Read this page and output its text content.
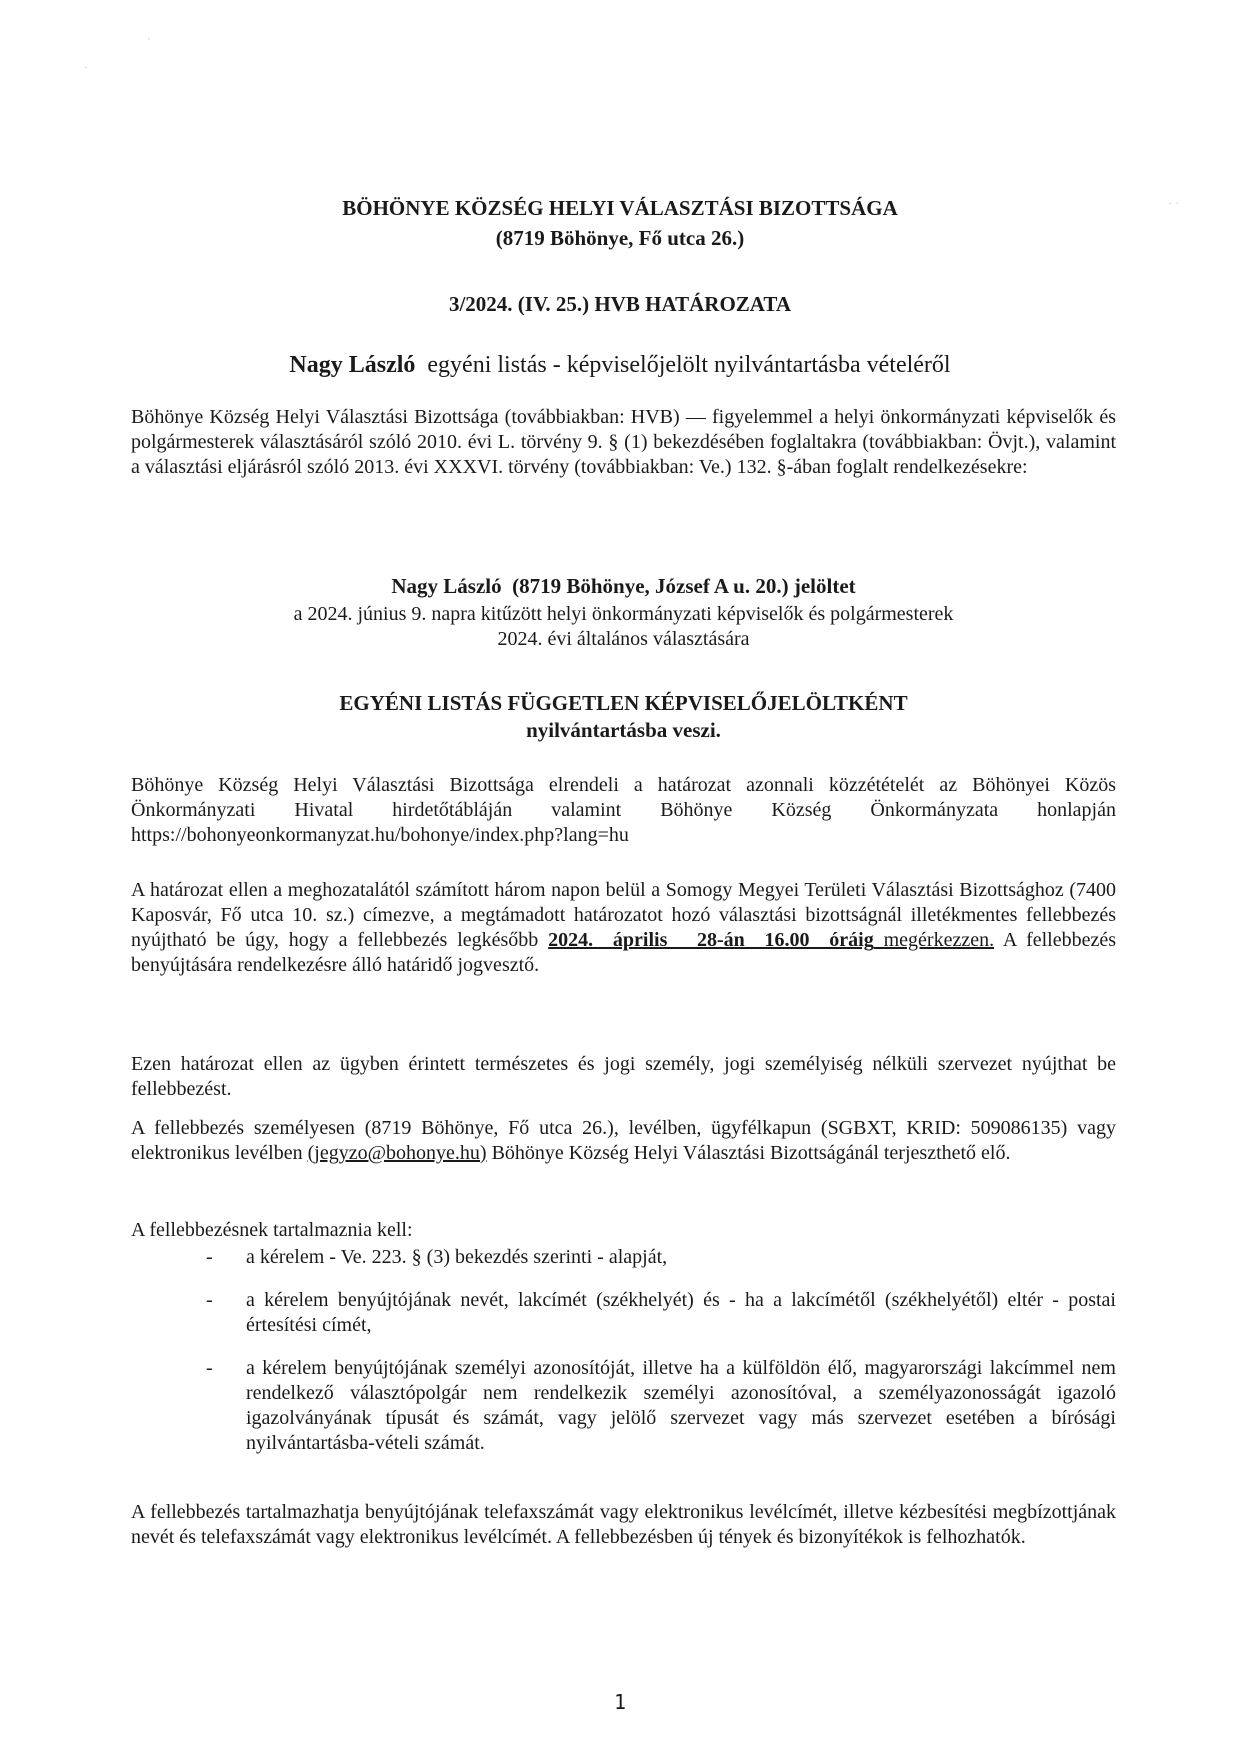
BÖHÖNYE KÖZSÉG HELYI VÁLASZTÁSI BIZOTTSÁGA
(8719 Böhönye, Fő utca 26.)
3/2024. (IV. 25.) HVB HATÁROZATA
Nagy László  egyéni listás - képviselőjelölt nyilvántartásba vételéről
Böhönye Község Helyi Választási Bizottsága (továbbiakban: HVB) — figyelemmel a helyi önkormányzati képviselők és polgármesterek választásáról szóló 2010. évi L. törvény 9. § (1) bekezdésében foglaltakra (továbbiakban: Övjt.), valamint a választási eljárásról szóló 2013. évi XXXVI. törvény (továbbiakban: Ve.) 132. §-ában foglalt rendelkezésekre:
Nagy László  (8719 Böhönye, József A u. 20.) jelöltet
a 2024. június 9. napra kitűzött helyi önkormányzati képviselők és polgármesterek 2024. évi általános választására
EGYÉNI LISTÁS FÜGGETLEN KÉPVISELŐJELÖLTKÉNT
nyilvántartásba veszi.
Böhönye Község Helyi Választási Bizottsága elrendeli a határozat azonnali közzétételét az Böhönyei Közös Önkormányzati Hivatal hirdetőtábláján valamint Böhönye Község Önkormányzata honlapján https://bohonyeonkormanyzat.hu/bohonye/index.php?lang=hu
A határozat ellen a meghozatalától számított három napon belül a Somogy Megyei Területi Választási Bizottsághoz (7400 Kaposvár, Fő utca 10. sz.) címezve, a megtámadott határozatot hozó választási bizottságnál illetékmentes fellebbezés nyújtható be úgy, hogy a fellebbezés legkésőbb 2024.  április   28-án  16.00  óráig megérkezzen. A fellebbezés benyújtására rendelkezésre álló határidő jogvesztő.
Ezen határozat ellen az ügyben érintett természetes és jogi személy, jogi személyiség nélküli szervezet nyújthat be fellebbezést.
A fellebbezés személyesen (8719 Böhönye, Fő utca 26.), levélben, ügyfélkapun (SGBXT, KRID: 509086135) vagy elektronikus levélben (jegyzo@bohonye.hu) Böhönye Község Helyi Választási Bizottságánál terjeszthető elő.
A fellebbezésnek tartalmaznia kell:
- a kérelem - Ve. 223. § (3) bekezdés szerinti - alapját,
- a kérelem benyújtójának nevét, lakcímét (székhelyét) és - ha a lakcímétől (székhelyétől) eltér - postai értesítési címét,
- a kérelem benyújtójának személyi azonosítóját, illetve ha a külföldön élő, magyarországi lakcímmel nem rendelkező választópolgár nem rendelkezik személyi azonosítóval, a személyazonosságát igazoló igazolványának típusát és számát, vagy jelölő szervezet vagy más szervezet esetében a bírósági nyilvántartásba-vételi számát.
A fellebbezés tartalmazhatja benyújtójának telefaxszámát vagy elektronikus levélcímét, illetve kézbesítési megbízottjának nevét és telefaxszámát vagy elektronikus levélcímét. A fellebbezésben új tények és bizonyítékok is felhozhatók.
1
'
·
· ·
